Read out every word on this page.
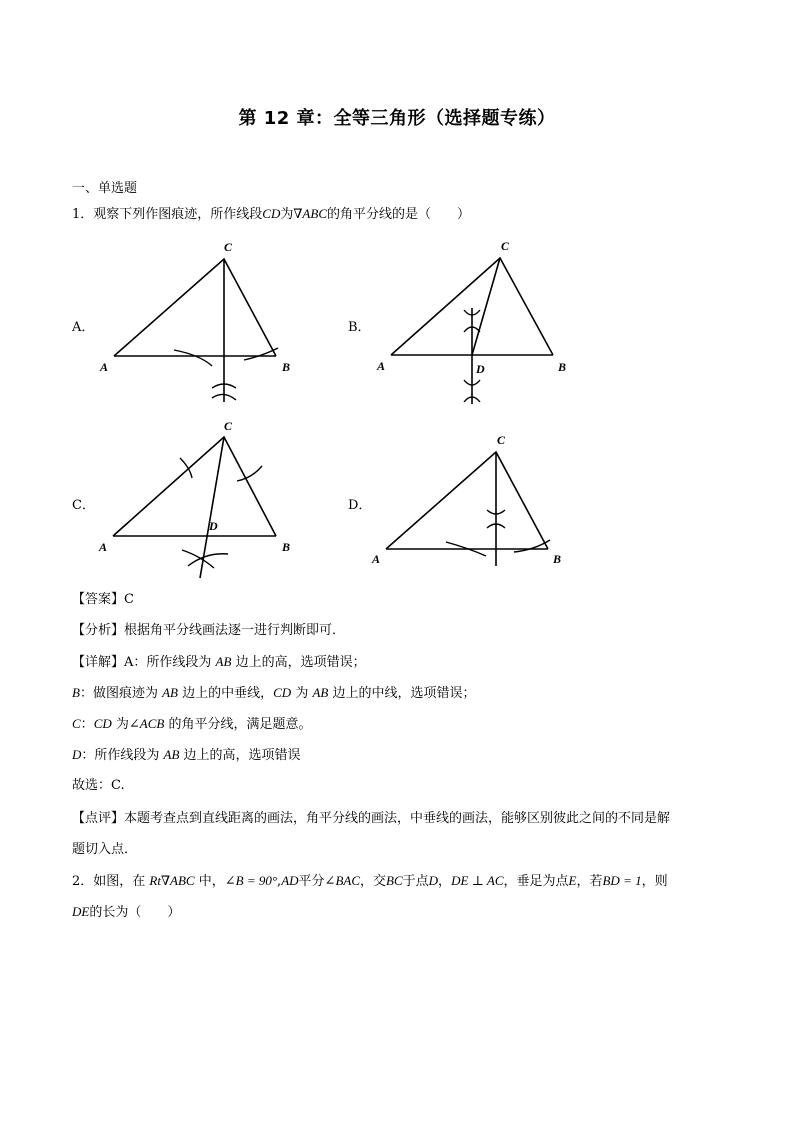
第 12 章：全等三角形（选择题专练）
一、单选题
1．观察下列作图痕迹，所作线段CD为∇ABC的角平分线的是（　　）
A．	B．
C．	D．
A	B
C
A	B
C
D
A	B
C
D
A	B
C
【答案】C
【分析】根据角平分线画法逐一进行判断即可．
【详解】A：所作线段为 AB 边上的高，选项错误；
B：做图痕迹为 AB 边上的中垂线，CD 为 AB 边上的中线，选项错误；
C：CD 为∠ACB 的角平分线，满足题意。
D：所作线段为 AB 边上的高，选项错误
故选：C.
【点评】本题考查点到直线距离的画法，角平分线的画法，中垂线的画法，能够区别彼此之间的不同是解
题切入点．
2．如图，在 Rt∇ABC 中，∠B = 90°,AD平分∠BAC，交BC于点D，DE ⊥ AC，垂足为点E，若BD = 1，则
DE的长为（　　）
